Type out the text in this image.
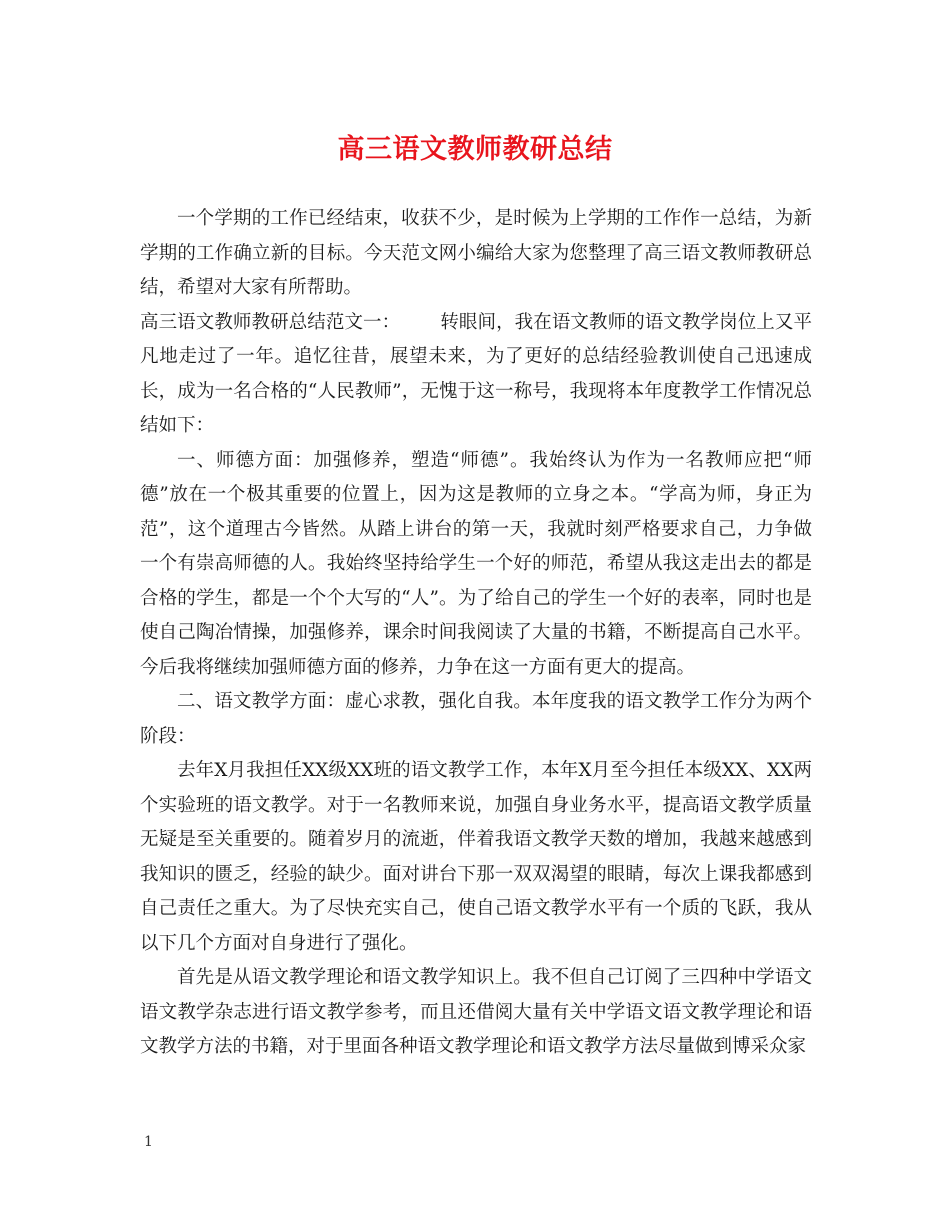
高三语文教师教研总结

一个学期的工作已经结束，收获不少，是时候为上学期的工作作一总结，为新学期的工作确立新的目标。今天范文网小编给大家为您整理了高三语文教师教研总结，希望对大家有所帮助。

高三语文教师教研总结范文一： 转眼间，我在语文教师的语文教学岗位上又平凡地走过了一年。追忆往昔，展望未来，为了更好的总结经验教训使自己迅速成长，成为一名合格的“人民教师”，无愧于这一称号，我现将本年度教学工作情况总结如下：

一、师德方面：加强修养，塑造“师德”。我始终认为作为一名教师应把“师德”放在一个极其重要的位置上，因为这是教师的立身之本。“学高为师，身正为范”，这个道理古今皆然。从踏上讲台的第一天，我就时刻严格要求自己，力争做一个有崇高师德的人。我始终坚持给学生一个好的师范，希望从我这走出去的都是合格的学生，都是一个个大写的“人”。为了给自己的学生一个好的表率，同时也是使自己陶冶情操，加强修养，课余时间我阅读了大量的书籍，不断提高自己水平。今后我将继续加强师德方面的修养，力争在这一方面有更大的提高。

二、语文教学方面：虚心求教，强化自我。本年度我的语文教学工作分为两个阶段：

去年X月我担任XX级XX班的语文教学工作，本年X月至今担任本级XX、XX两个实验班的语文教学。对于一名教师来说，加强自身业务水平，提高语文教学质量无疑是至关重要的。随着岁月的流逝，伴着我语文教学天数的增加，我越来越感到我知识的匮乏，经验的缺少。面对讲台下那一双双渴望的眼睛，每次上课我都感到自己责任之重大。为了尽快充实自己，使自己语文教学水平有一个质的飞跃，我从以下几个方面对自身进行了强化。

首先是从语文教学理论和语文教学知识上。我不但自己订阅了三四种中学语文语文教学杂志进行语文教学参考，而且还借阅大量有关中学语文语文教学理论和语文教学方法的书籍，对于里面各种语文教学理论和语文教学方法尽量做到博采众家

1
